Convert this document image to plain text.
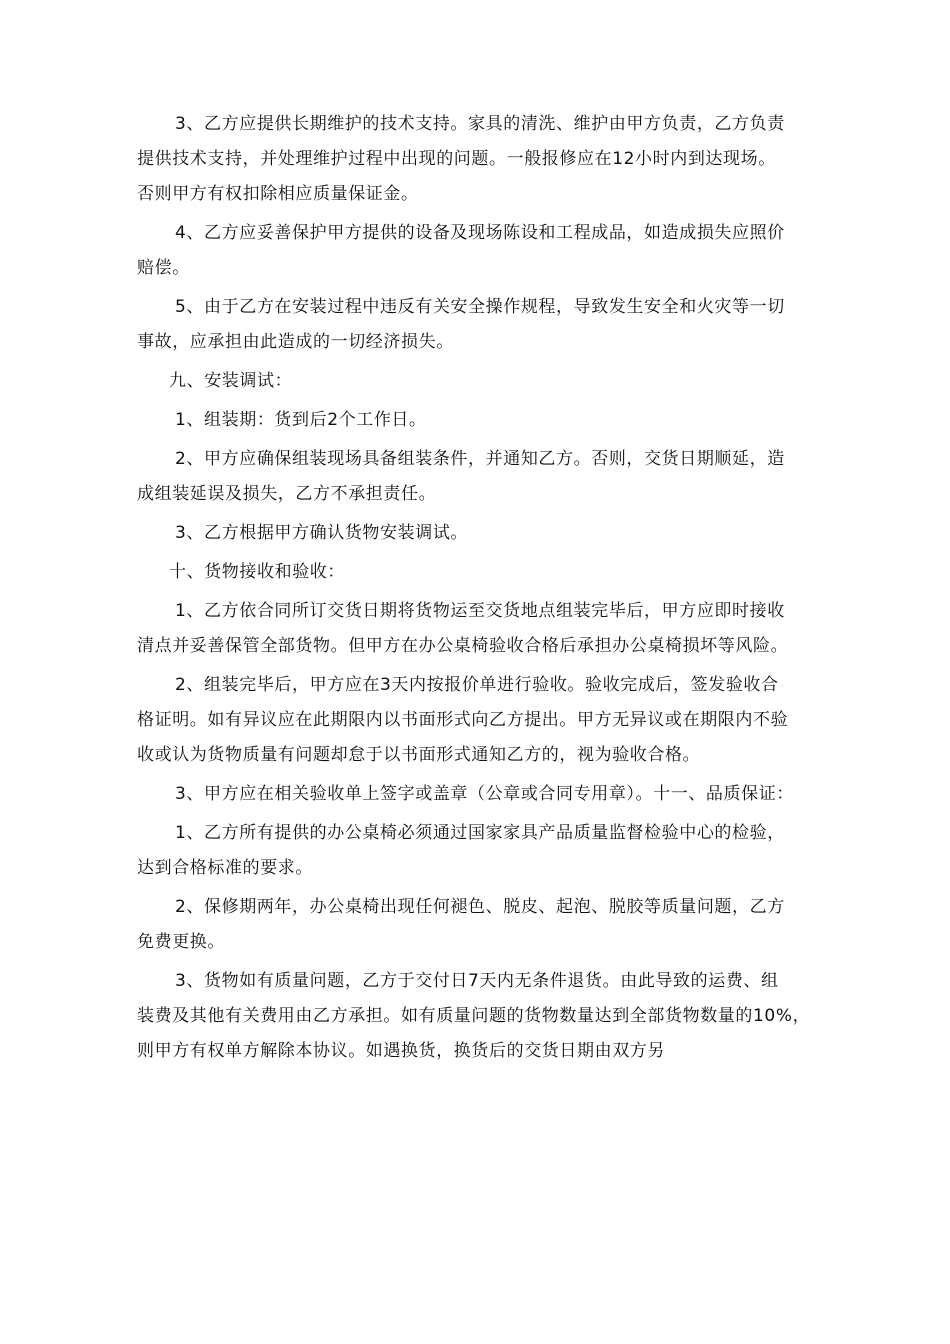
3、乙方应提供长期维护的技术支持。家具的清洗、维护由甲方负责，乙方负责
提供技术支持，并处理维护过程中出现的问题。一般报修应在12小时内到达现场。
否则甲方有权扣除相应质量保证金。
4、乙方应妥善保护甲方提供的设备及现场陈设和工程成品，如造成损失应照价
赔偿。
5、由于乙方在安装过程中违反有关安全操作规程，导致发生安全和火灾等一切
事故，应承担由此造成的一切经济损失。
九、安装调试：
1、组装期：货到后2个工作日。
2、甲方应确保组装现场具备组装条件，并通知乙方。否则，交货日期顺延，造
成组装延误及损失，乙方不承担责任。
3、乙方根据甲方确认货物安装调试。
十、货物接收和验收：
1、乙方依合同所订交货日期将货物运至交货地点组装完毕后，甲方应即时接收
清点并妥善保管全部货物。但甲方在办公桌椅验收合格后承担办公桌椅损坏等风险。
2、组装完毕后，甲方应在3天内按报价单进行验收。验收完成后，签发验收合
格证明。如有异议应在此期限内以书面形式向乙方提出。甲方无异议或在期限内不验
收或认为货物质量有问题却怠于以书面形式通知乙方的，视为验收合格。
3、甲方应在相关验收单上签字或盖章（公章或合同专用章）。十一、品质保证：
1、乙方所有提供的办公桌椅必须通过国家家具产品质量监督检验中心的检验，
达到合格标准的要求。
2、保修期两年，办公桌椅出现任何褪色、脱皮、起泡、脱胶等质量问题，乙方
免费更换。
3、货物如有质量问题，乙方于交付日7天内无条件退货。由此导致的运费、组
装费及其他有关费用由乙方承担。如有质量问题的货物数量达到全部货物数量的10%，
则甲方有权单方解除本协议。如遇换货，换货后的交货日期由双方另
